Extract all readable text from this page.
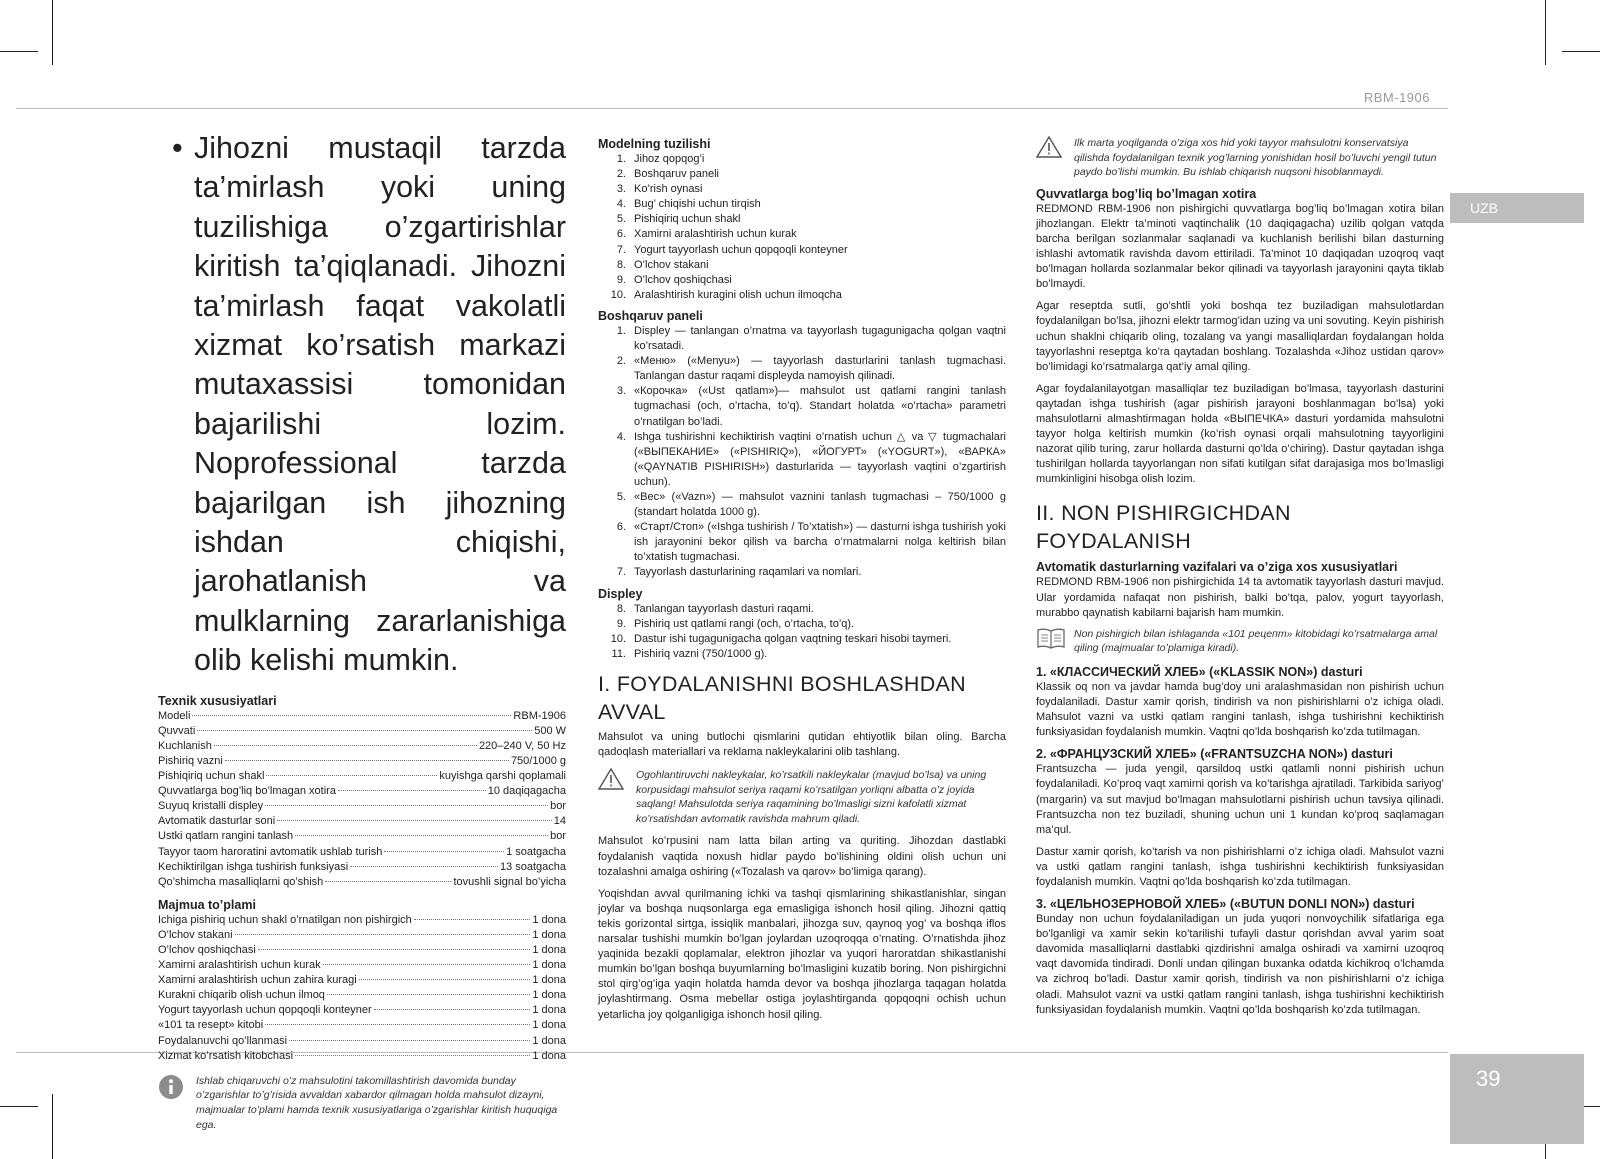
RBM-1906
UZB
39
• Jihozni mustaqil tarzda ta’mirlash yoki uning tuzilishiga o’zgartirishlar kiritish ta’qiqlanadi. Jihozni ta’mirlash faqat vakolatli xizmat ko’rsatish markazi mutaxassisi tomonidan bajarilishi lozim. Noprofessional tarzda bajarilgan ish jihozning ishdan chiqishi, jarohatlanish va mulklarning zararlanishiga olib kelishi mumkin.
Texnik xususiyatlari
Modeli	RBM-1906
Quvvati	500 W
Kuchlanish	220–240 V, 50 Hz
Pishiriq vazni	750/1000 g
Pishiqiriq uchun shakl	kuyishga qarshi qoplamali
Quvvatlarga bog’liq bo’lmagan xotira	10 daqiqagacha
Suyuq kristalli displey	bor
Avtomatik dasturlar soni	14
Ustki qatlam rangini tanlash	bor
Tayyor taom haroratini avtomatik ushlab turish	1 soatgacha
Kechiktirilgan ishga tushirish funksiyasi	13 soatgacha
Qo’shimcha masalliqlarni qo’shish	tovushli signal bo’yicha
Majmua to’plami
Ichiga pishiriq uchun shakl o’rnatilgan non pishirgich	1 dona
O’lchov stakani	1 dona
O’lchov qoshiqchasi	1 dona
Xamirni aralashtirish uchun kurak	1 dona
Xamirni aralashtirish uchun zahira kuragi	1 dona
Kurakni chiqarib olish uchun ilmoq	1 dona
Yogurt tayyorlash uchun qopqoqli konteyner	1 dona
«101 ta resept» kitobi	1 dona
Foydalanuvchi qo’llanmasi	1 dona
Xizmat ko’rsatish kitobchasi	1 dona
Ishlab chiqaruvchi o’z mahsulotini takomillashtirish davomida bunday o’zgarishlar to’g’risida avvaldan xabardor qilmagan holda mahsulot dizayni, majmualar to’plami hamda texnik xususiyatlariga o’zgarishlar kiritish huquqiga ega.
Modelning tuzilishi
1. Jihoz qopqog’i
2. Boshqaruv paneli
3. Ko’rish oynasi
4. Bug’ chiqishi uchun tirqish
5. Pishiqiriq uchun shakl
6. Xamirni aralashtirish uchun kurak
7. Yogurt tayyorlash uchun qopqoqli konteyner
8. O’lchov stakani
9. O’lchov qoshiqchasi
10. Aralashtirish kuragini olish uchun ilmoqcha
Boshqaruv paneli
1. Displey — tanlangan o’rnatma va tayyorlash tugagunigacha qolgan vaqtni ko’rsatadi.
2. «Меню» («Menyu») — tayyorlash dasturlarini tanlash tugmachasi. Tanlangan dastur raqami displeyda namoyish qilinadi.
3. «Корочка» («Ust qatlam»)— mahsulot ust qatlami rangini tanlash tugmachasi (och, o’rtacha, to’q). Standart holatda «o’rtacha» parametri o’rnatilgan bo’ladi.
4. Ishga tushirishni kechiktirish vaqtini o’rnatish uchun △ va ▽ tugmachalari («ВЫПЕКАНИЕ» («PISHIRIQ»), «ЙОГУРТ» («YOGURT»), «ВАРКА» («QAYNATIB PISHIRISH») dasturlarida — tayyorlash vaqtini o’zgartirish uchun).
5. «Вес» («Vazn») — mahsulot vaznini tanlash tugmachasi – 750/1000 g (standart holatda 1000 g).
6. «Старт/Стоп» («Ishga tushirish / To’xtatish») — dasturni ishga tushirish yoki ish jarayonini bekor qilish va barcha o’rnatmalarni nolga keltirish bilan to’xtatish tugmachasi.
7. Tayyorlash dasturlarining raqamlari va nomlari.
Displey
8. Tanlangan tayyorlash dasturi raqami.
9. Pishiriq ust qatlami rangi (och, o’rtacha, to’q).
10. Dastur ishi tugagunigacha qolgan vaqtning teskari hisobi taymeri.
11. Pishiriq vazni (750/1000 g).
I. FOYDALANISHNI BOSHLASHDAN AVVAL

Mahsulot va uning butlochi qismlarini qutidan ehtiyotlik bilan oling. Barcha qadoqlash materiallari va reklama nakleykalarini olib tashlang.

Ogohlantiruvchi nakleykalar, ko’rsatkili nakleykalar (mavjud bo’lsa) va uning korpusidagi mahsulot seriya raqami ko’rsatilgan yorliqni albatta o’z joyida saqlang! Mahsulotda seriya raqamining bo’lmasligi sizni kafolatli xizmat ko’rsatishdan avtomatik ravishda mahrum qiladi.

Mahsulot ko’rpusini nam latta bilan arting va quriting. Jihozdan dastlabki foydalanish vaqtida noxush hidlar paydo bo’lishining oldini olish uchun uni tozalashni amalga oshiring («Tozalash va qarov» bo’limiga qarang).

Yoqishdan avval qurilmaning ichki va tashqi qismlarining shikastlanishlar, singan joylar va boshqa nuqsonlarga ega emasligiga ishonch hosil qiling. Jihozni qattiq tekis gorizontal sirtga, issiqlik manbalari, jihozga suv, qaynoq yog’ va boshqa iflos narsalar tushishi mumkin bo’lgan joylardan uzoqroqqa o’rnating. O’rnatishda jihoz yaqinida bezakli qoplamalar, elektron jihozlar va yuqori haroratdan shikastlanishi mumkin bo’lgan boshqa buyumlarning bo’lmasligini kuzatib boring. Non pishirgichni stol qirg’og’iga yaqin holatda hamda devor va boshqa jihozlarga taqagan holatda joylashtirmang. Osma mebellar ostiga joylashtirganda qopqoqni ochish uchun yetarlicha joy qolganligiga ishonch hosil qiling.

Ilk marta yoqilganda o’ziga xos hid yoki tayyor mahsulotni konservatsiya qilishda foydalanilgan texnik yog’larning yonishidan hosil bo’luvchi yengil tutun paydo bo’lishi mumkin. Bu ishlab chiqarish nuqsoni hisoblanmaydi.
Quvvatlarga bog’liq bo’lmagan xotira

REDMOND RBM-1906 non pishirgichi quvvatlarga bog’liq bo’lmagan xotira bilan jihozlangan. Elektr ta’minoti vaqtinchalik (10 daqiqagacha) uzilib qolgan vatqda barcha berilgan sozlanmalar saqlanadi va kuchlanish berilishi bilan dasturning ishlashi avtomatik ravishda davom ettiriladi. Ta’minot 10 daqiqadan uzoqroq vaqt bo’lmagan hollarda sozlanmalar bekor qilinadi va tayyorlash jarayonini qayta tiklab bo’lmaydi.

Agar reseptda sutli, go’shtli yoki boshqa tez buziladigan mahsulotlardan foydalanilgan bo’lsa, jihozni elektr tarmog’idan uzing va uni sovuting. Keyin pishirish uchun shaklni chiqarib oling, tozalang va yangi masalliqlardan foydalangan holda tayyorlashni reseptga ko’ra qaytadan boshlang. Tozalashda «Jihoz ustidan qarov» bo’limidagi ko’rsatmalarga qat’iy amal qiling.

Agar foydalanilayotgan masalliqlar tez buziladigan bo’lmasa, tayyorlash dasturini qaytadan ishga tushirish (agar pishirish jarayoni boshlanmagan bo’lsa) yoki mahsulotlarni almashtirmagan holda «ВЫПЕЧКА» dasturi yordamida mahsulotni tayyor holga keltirish mumkin (ko’rish oynasi orqali mahsulotning tayyorligini nazorat qilib turing, zarur hollarda dasturni qo’lda o’chiring). Dastur qaytadan ishga tushirilgan hollarda tayyorlangan non sifati kutilgan sifat darajasiga mos bo’lmasligi mumkinligini hisobga olish lozim.

II. NON PISHIRGICHDAN FOYDALANISH
Avtomatik dasturlarning vazifalari va o’ziga xos xususiyatlari

REDMOND RBM-1906 non pishirgichida 14 ta avtomatik tayyorlash dasturi mavjud. Ular yordamida nafaqat non pishirish, balki bo’tqa, palov, yogurt tayyorlash, murabbo qaynatish kabilarni bajarish ham mumkin.

Non pishirgich bilan ishlaganda «101 рецепт» kitobidagi ko’rsatmalarga amal qiling (majmualar to’plamiga kiradi).
1. «КЛАССИЧЕСКИЙ ХЛЕБ» («KLASSIK NON») dasturi

Klassik oq non va javdar hamda bug’doy uni aralashmasidan non pishirish uchun foydalaniladi. Dastur xamir qorish, tindirish va non pishirishlarni o’z ichiga oladi. Mahsulot vazni va ustki qatlam rangini tanlash, ishga tushirishni kechiktirish funksiyasidan foydalanish mumkin. Vaqtni qo’lda boshqarish ko’zda tutilmagan.

2. «ФРАНЦУЗСКИЙ ХЛЕБ» («FRANTSUZCHA NON») dasturi

Frantsuzcha — juda yengil, qarsildoq ustki qatlamli nonni pishirish uchun foydalaniladi. Ko’proq vaqt xamirni qorish va ko’tarishga ajratiladi. Tarkibida sariyog’ (margarin) va sut mavjud bo’lmagan mahsulotlarni pishirish uchun tavsiya qilinadi. Frantsuzcha non tez buziladi, shuning uchun uni 1 kundan ko’proq saqlamagan ma’qul.

Dastur xamir qorish, ko’tarish va non pishirishlarni o’z ichiga oladi. Mahsulot vazni va ustki qatlam rangini tanlash, ishga tushirishni kechiktirish funksiyasidan foydalanish mumkin. Vaqtni qo’lda boshqarish ko’zda tutilmagan.

3. «ЦЕЛЬНОЗЕРНОВОЙ ХЛЕБ» («BUTUN DONLI NON») dasturi

Bunday non uchun foydalaniladigan un juda yuqori nonvoychilik sifatlariga ega bo’lganligi va xamir sekin ko’tarilishi tufayli dastur qorishdan avval yarim soat davomida masalliqlarni dastlabki qizdirishni amalga oshiradi va xamirni uzoqroq vaqt davomida tindiradi. Donli undan qilingan buxanka odatda kichikroq o’lchamda va zichroq bo’ladi. Dastur xamir qorish, tindirish va non pishirishlarni o’z ichiga oladi. Mahsulot vazni va ustki qatlam rangini tanlash, ishga tushirishni kechiktirish funksiyasidan foydalanish mumkin. Vaqtni qo’lda boshqarish ko’zda tutilmagan.
